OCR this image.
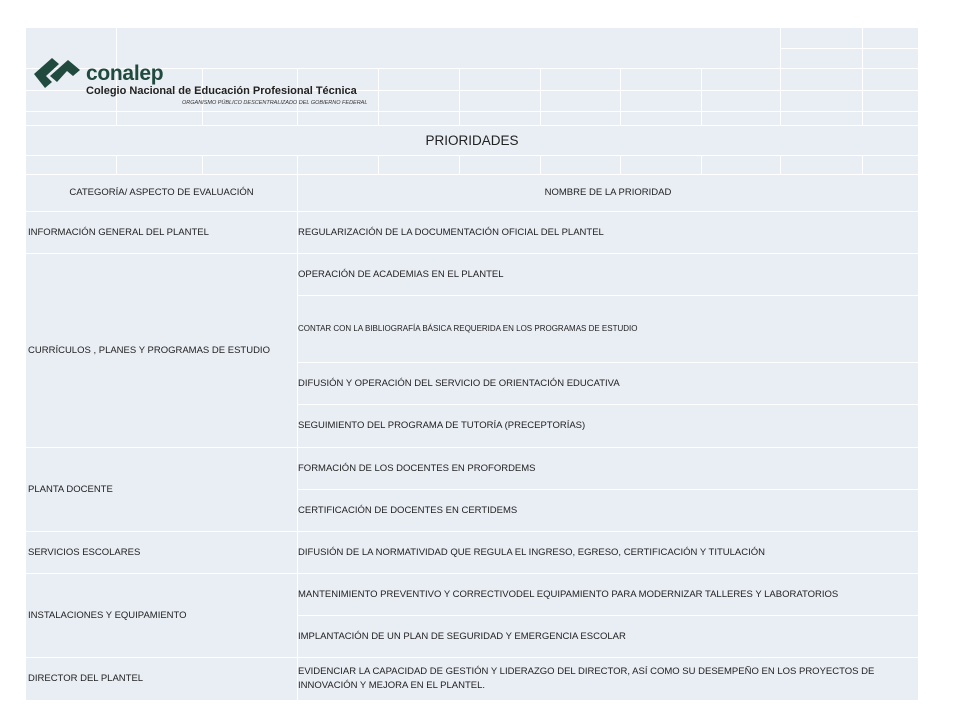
PRIORIDADES
CATEGORÍA/ ASPECTO DE EVALUACIÓN	NOMBRE DE LA PRIORIDAD
INFORMACIÓN GENERAL DEL PLANTEL
CURRÍCULOS , PLANES Y PROGRAMAS DE ESTUDIO
PLANTA DOCENTE
SERVICIOS ESCOLARES
INSTALACIONES Y EQUIPAMIENTO
DIRECTOR DEL PLANTEL
REGULARIZACIÓN DE LA DOCUMENTACIÓN OFICIAL DEL PLANTEL
OPERACIÓN DE ACADEMIAS EN EL PLANTEL
CONTAR CON LA BIBLIOGRAFÍA BÁSICA REQUERIDA EN LOS PROGRAMAS DE ESTUDIO
DIFUSIÓN Y OPERACIÓN DEL SERVICIO DE ORIENTACIÓN EDUCATIVA
SEGUIMIENTO DEL PROGRAMA DE TUTORÍA (PRECEPTORÍAS)
FORMACIÓN DE LOS DOCENTES EN PROFORDEMS
CERTIFICACIÓN DE DOCENTES EN CERTIDEMS
DIFUSIÓN DE LA NORMATIVIDAD QUE REGULA EL INGRESO, EGRESO, CERTIFICACIÓN Y TITULACIÓN
MANTENIMIENTO PREVENTIVO Y CORRECTIVODEL EQUIPAMIENTO PARA MODERNIZAR TALLERES Y LABORATORIOS
IMPLANTACIÓN DE UN PLAN DE SEGURIDAD Y EMERGENCIA ESCOLAR
EVIDENCIAR LA CAPACIDAD DE GESTIÓN Y LIDERAZGO DEL DIRECTOR, ASÍ COMO SU DESEMPEÑO EN LOS PROYECTOS DE INNOVACIÓN Y MEJORA EN EL PLANTEL.
conalep
Colegio Nacional de Educación Profesional Técnica
ORGANISMO PÚBLICO DESCENTRALIZADO DEL GOBIERNO FEDERAL
